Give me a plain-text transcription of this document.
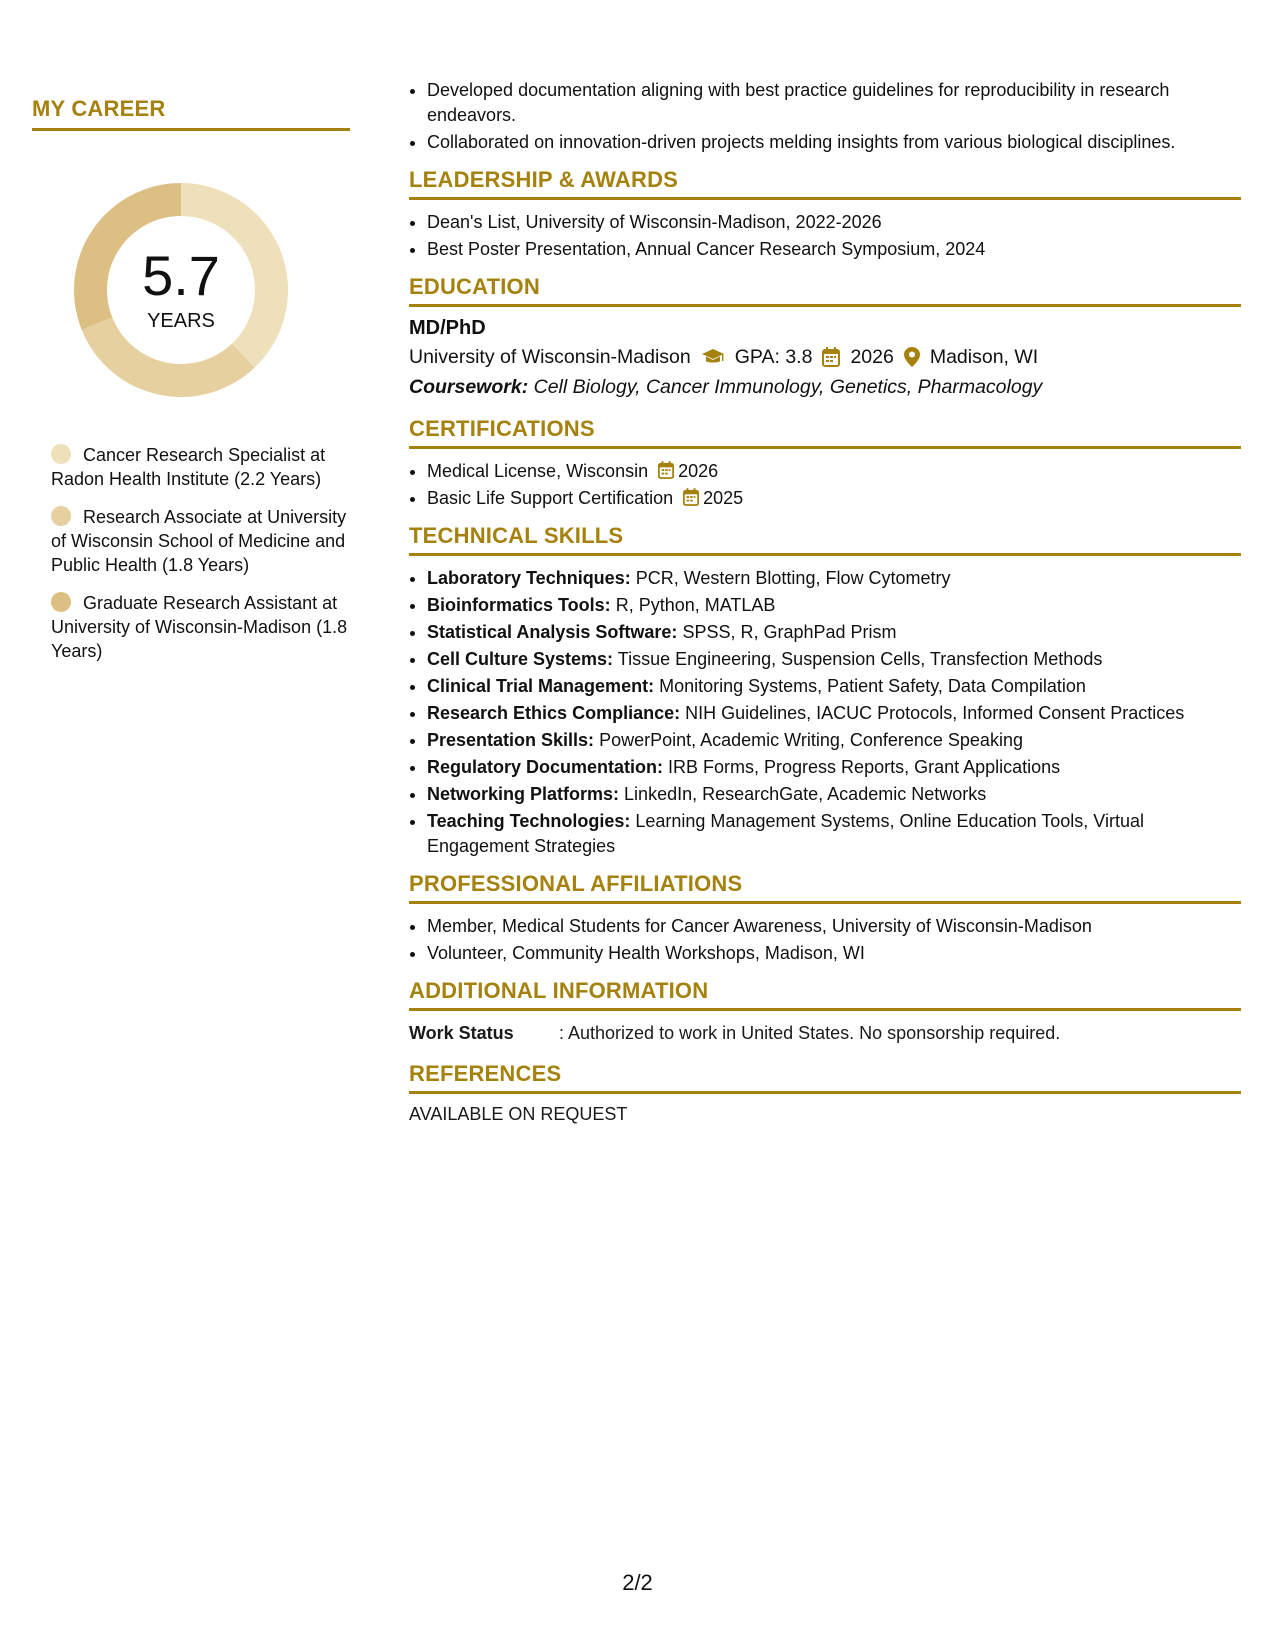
MY CAREER
5.7
YEARS
Cancer Research Specialist at Radon Health Institute (2.2 Years)
Research Associate at University of Wisconsin School of Medicine and Public Health (1.8 Years)
Graduate Research Assistant at University of Wisconsin-Madison (1.8 Years)
• Developed documentation aligning with best practice guidelines for reproducibility in research endeavors.
• Collaborated on innovation-driven projects melding insights from various biological disciplines.
LEADERSHIP & AWARDS
• Dean's List, University of Wisconsin-Madison, 2022-2026
• Best Poster Presentation, Annual Cancer Research Symposium, 2024
EDUCATION
MD/PhD
University of Wisconsin-Madison GPA: 3.8 2026 Madison, WI
Coursework: Cell Biology, Cancer Immunology, Genetics, Pharmacology
CERTIFICATIONS
• Medical License, Wisconsin 2026
• Basic Life Support Certification 2025
TECHNICAL SKILLS
• Laboratory Techniques: PCR, Western Blotting, Flow Cytometry
• Bioinformatics Tools: R, Python, MATLAB
• Statistical Analysis Software: SPSS, R, GraphPad Prism
• Cell Culture Systems: Tissue Engineering, Suspension Cells, Transfection Methods
• Clinical Trial Management: Monitoring Systems, Patient Safety, Data Compilation
• Research Ethics Compliance: NIH Guidelines, IACUC Protocols, Informed Consent Practices
• Presentation Skills: PowerPoint, Academic Writing, Conference Speaking
• Regulatory Documentation: IRB Forms, Progress Reports, Grant Applications
• Networking Platforms: LinkedIn, ResearchGate, Academic Networks
• Teaching Technologies: Learning Management Systems, Online Education Tools, Virtual Engagement Strategies
PROFESSIONAL AFFILIATIONS
• Member, Medical Students for Cancer Awareness, University of Wisconsin-Madison
• Volunteer, Community Health Workshops, Madison, WI
ADDITIONAL INFORMATION
Work Status	: Authorized to work in United States. No sponsorship required.
REFERENCES
AVAILABLE ON REQUEST
2/2
